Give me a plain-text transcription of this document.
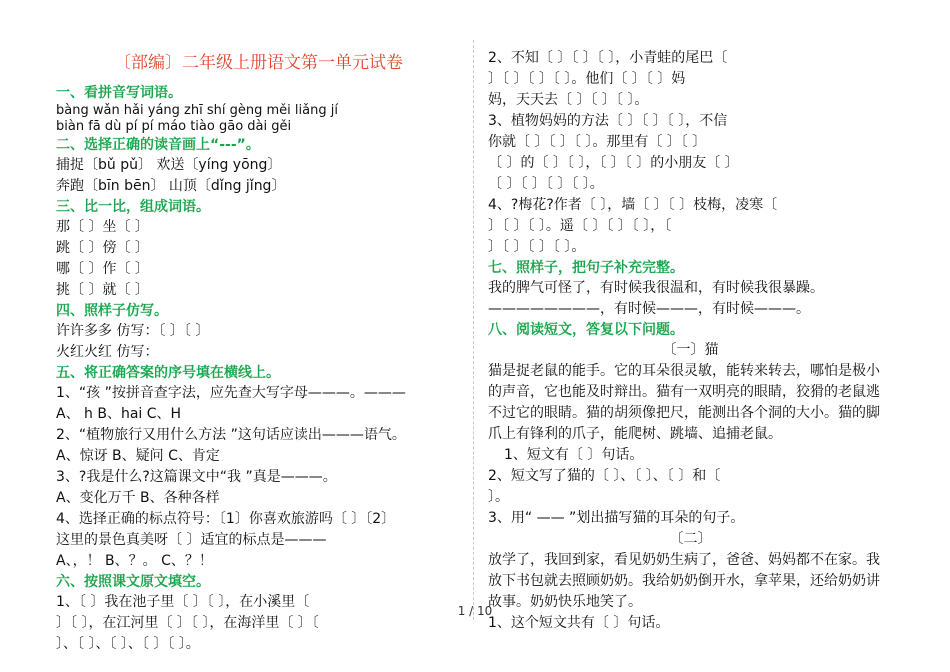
〔部编〕二年级上册语文第一单元试卷
一、看拼音写词语。
bàng wǎn hǎi yáng zhī shí gèng měi liǎng jí
biàn fā dù pí pí máo tiào gāo dài gěi
二、选择正确的读音画上“---”。
捕捉〔bǔ pǔ〕 欢送〔yíng yōng〕
奔跑〔bīn bēn〕 山顶〔dǐng jǐng〕
三、比一比，组成词语。
那〔 〕坐〔 〕
跳〔 〕傍〔 〕
哪〔 〕作〔 〕
挑〔 〕就〔 〕
四、照样子仿写。
许许多多 仿写：〔 〕〔 〕
火红火红 仿写：
五、将正确答案的序号填在横线上。
1、“孩 ”按拼音查字法，应先查大写字母———。———
A、 h B、hai C、H
2、“植物旅行又用什么方法 ”这句话应读出———语气。
A、惊讶 B、疑问 C、肯定
3、?我是什么?这篇课文中“我 ”真是———。
A、变化万千 B、各种各样
4、选择正确的标点符号：〔1〕你喜欢旅游吗〔 〕〔2〕
这里的景色真美呀〔 〕适宜的标点是———
A、，！ B、？。 C、？！
六、按照课文原文填空。
1、〔 〕我在池子里〔 〕〔 〕，在小溪里〔
〕〔 〕，在江河里〔 〕〔 〕，在海洋里〔 〕〔
〕、〔 〕、〔 〕、〔 〕〔 〕。
2、不知〔 〕〔 〕〔 〕，小青蛙的尾巴〔
〕〔 〕〔 〕〔 〕。他们〔 〕〔 〕妈
妈，天天去〔 〕〔 〕〔 〕。
3、植物妈妈的方法〔 〕〔 〕〔 〕，不信
你就〔 〕〔 〕〔 〕。那里有〔 〕〔 〕
〔 〕的〔 〕〔 〕，〔 〕〔 〕的小朋友〔 〕
〔 〕〔 〕〔 〕〔 〕。
4、?梅花?作者〔 〕，墙〔 〕〔 〕枝梅，凌寒〔
〕〔 〕〔 〕。遥〔 〕〔 〕〔 〕，〔
〕〔 〕〔 〕〔 〕。
七、照样子，把句子补充完整。
我的脾气可怪了，有时候我很温和，有时候我很暴躁。
————————，有时候———，有时候———。
八、阅读短文，答复以下问题。
〔一〕猫
猫是捉老鼠的能手。它的耳朵很灵敏，能转来转去，哪怕是极小的声音，它也能及时辩出。猫有一双明亮的眼睛，狡猾的老鼠逃不过它的眼睛。猫的胡须像把尺，能测出各个洞的大小。猫的脚爪上有锋利的爪子，能爬树、跳墙、追捕老鼠。
1、短文有〔 〕句话。
2、短文写了猫的〔 〕、〔 〕、〔 〕和〔
〕。
3、用“ —— ”划出描写猫的耳朵的句子。
〔二〕
放学了，我回到家，看见奶奶生病了，爸爸、妈妈都不在家。我放下书包就去照顾奶奶。我给奶奶倒开水，拿苹果，还给奶奶讲故事。奶奶快乐地笑了。
1、这个短文共有〔 〕句话。
1 / 10
